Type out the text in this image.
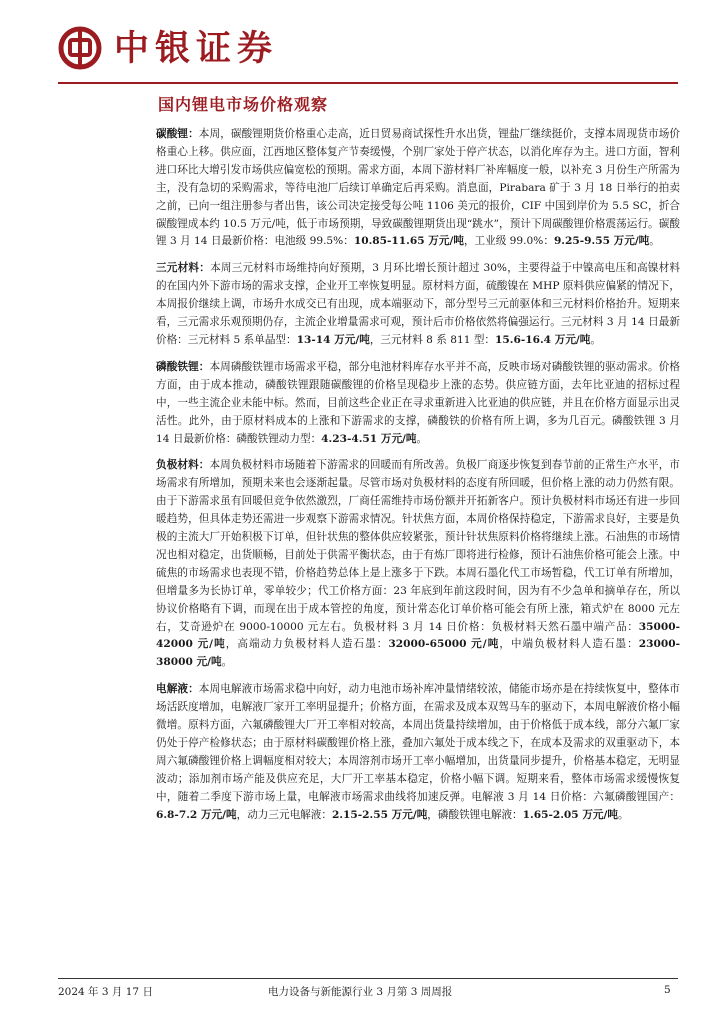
中银证券
国内锂电市场价格观察

碳酸锂：本周，碳酸锂期货价格重心走高，近日贸易商试探性升水出货，锂盐厂继续挺价，支撑本周现货市场价格重心上移。供应面，江西地区整体复产节奏缓慢，个别厂家处于停产状态，以消化库存为主。进口方面，智利进口环比大增引发市场供应偏宽松的预期。需求方面，本周下游材料厂补库幅度一般，以补充 3 月份生产所需为主，没有急切的采购需求，等待电池厂后续订单确定后再采购。消息面，Pirabara 矿于 3 月 18 日举行的拍卖之前，已向一组注册参与者出售，该公司决定接受每公吨 1106 美元的报价，CIF 中国到岸价为 5.5 SC，折合碳酸锂成本约 10.5 万元/吨，低于市场预期，导致碳酸锂期货出现“跳水”，预计下周碳酸锂价格震荡运行。碳酸锂 3 月 14 日最新价格：电池级 99.5%：10.85-11.65 万元/吨，工业级 99.0%：9.25-9.55 万元/吨。

三元材料：本周三元材料市场维持向好预期，3 月环比增长预计超过 30%，主要得益于中镍高电压和高镍材料的在国内外下游市场的需求支撑，企业开工率恢复明显。原材料方面，硫酸镍在 MHP 原料供应偏紧的情况下，本周报价继续上调，市场升水成交已有出现，成本端驱动下，部分型号三元前驱体和三元材料价格抬升。短期来看，三元需求乐观预期仍存，主流企业增量需求可观，预计后市价格依然将偏强运行。三元材料 3 月 14 日最新价格：三元材料 5 系单晶型：13-14 万元/吨，三元材料 8 系 811 型：15.6-16.4 万元/吨。

磷酸铁锂：本周磷酸铁锂市场需求平稳，部分电池材料库存水平并不高，反映市场对磷酸铁锂的驱动需求。价格方面，由于成本推动，磷酸铁锂跟随碳酸锂的价格呈现稳步上涨的态势。供应链方面，去年比亚迪的招标过程中，一些主流企业未能中标。然而，目前这些企业正在寻求重新进入比亚迪的供应链，并且在价格方面显示出灵活性。此外，由于原材料成本的上涨和下游需求的支撑，磷酸铁的价格有所上调，多为几百元。磷酸铁锂 3 月 14 日最新价格：磷酸铁锂动力型：4.23-4.51 万元/吨。

负极材料：本周负极材料市场随着下游需求的回暖而有所改善。负极厂商逐步恢复到春节前的正常生产水平，市场需求有所增加，预期未来也会逐渐起量。尽管市场对负极材料的态度有所回暖，但价格上涨的动力仍然有限。由于下游需求虽有回暖但竞争依然激烈，厂商任需维持市场份额并开拓新客户。预计负极材料市场还有进一步回暖趋势，但具体走势还需进一步观察下游需求情况。针状焦方面，本周价格保持稳定，下游需求良好，主要是负极的主流大厂开始积极下订单，但针状焦的整体供应较紧张，预计针状焦原料价格将继续上涨。石油焦的市场情况也相对稳定，出货顺畅，目前处于供需平衡状态，由于有炼厂即将进行检修，预计石油焦价格可能会上涨。中硫焦的市场需求也表现不错，价格趋势总体上是上涨多于下跌。本周石墨化代工市场暂稳，代工订单有所增加，但增量多为长协订单，零单较少；代工价格方面：23 年底到年前这段时间，因为有不少急单和摘单存在，所以协议价格略有下调，而现在出于成本管控的角度，预计常态化订单价格可能会有所上涨，箱式炉在 8000 元左右，艾奇逊炉在 9000-10000 元左右。负极材料 3 月 14 日价格：负极材料天然石墨中端产品：35000-42000 元/吨，高端动力负极材料人造石墨：32000-65000 元/吨，中端负极材料人造石墨：23000-38000 元/吨。

电解液：本周电解液市场需求稳中向好，动力电池市场补库冲量情绪较浓，储能市场亦是在持续恢复中，整体市场活跃度增加，电解液厂家开工率明显提升；价格方面，在需求及成本双驾马车的驱动下，本周电解液价格小幅微增。原料方面，六氟磷酸锂大厂开工率相对较高，本周出货量持续增加，由于价格低于成本线，部分六氟厂家仍处于停产检修状态；由于原材料碳酸锂价格上涨，叠加六氟处于成本线之下，在成本及需求的双重驱动下，本周六氟磷酸锂价格上调幅度相对较大；本周溶剂市场开工率小幅增加，出货量同步提升，价格基本稳定，无明显波动；添加剂市场产能及供应充足，大厂开工率基本稳定，价格小幅下调。短期来看，整体市场需求缓慢恢复中，随着二季度下游市场上量，电解液市场需求曲线将加速反弹。电解液 3 月 14 日价格：六氟磷酸锂国产：6.8-7.2 万元/吨，动力三元电解液：2.15-2.55 万元/吨，磷酸铁锂电解液：1.65-2.05 万元/吨。

2024 年 3 月 17 日	电力设备与新能源行业 3 月第 3 周周报	5
